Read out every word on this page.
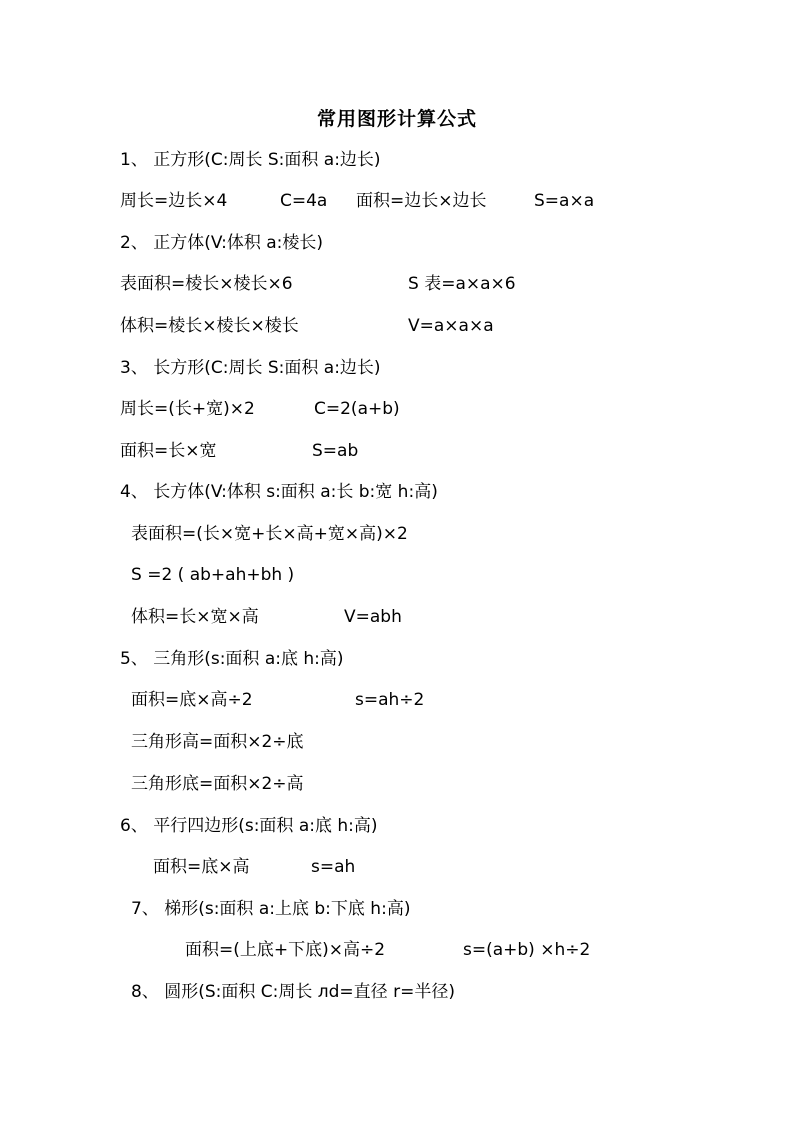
常用图形计算公式
1、 正方形(C:周长 S:面积 a:边长)
周长=边长×4	C=4a 面积=边长×边长	S=a×a
2、 正方体(V:体积 a:棱长)
表面积=棱长×棱长×6	S 表=a×a×6
体积=棱长×棱长×棱长	V=a×a×a
3、 长方形(C:周长 S:面积 a:边长)
周长=(长+宽)×2	C=2(a+b)
面积=长×宽	S=ab
4、 长方体(V:体积 s:面积 a:长 b:宽 h:高)
表面积=(长×宽+长×高+宽×高)×2
S =2 ( ab+ah+bh )
体积=长×宽×高	V=abh
5、 三角形(s:面积 a:底 h:高)
面积=底×高÷2	s=ah÷2
三角形高=面积×2÷底
三角形底=面积×2÷高
6、 平行四边形(s:面积 a:底 h:高)
面积=底×高	s=ah
7、 梯形(s:面积 a:上底 b:下底 h:高)
面积=(上底+下底)×高÷2	s=(a+b) ×h÷2
8、 圆形(S:面积 C:周长 лd=直径 r=半径)
